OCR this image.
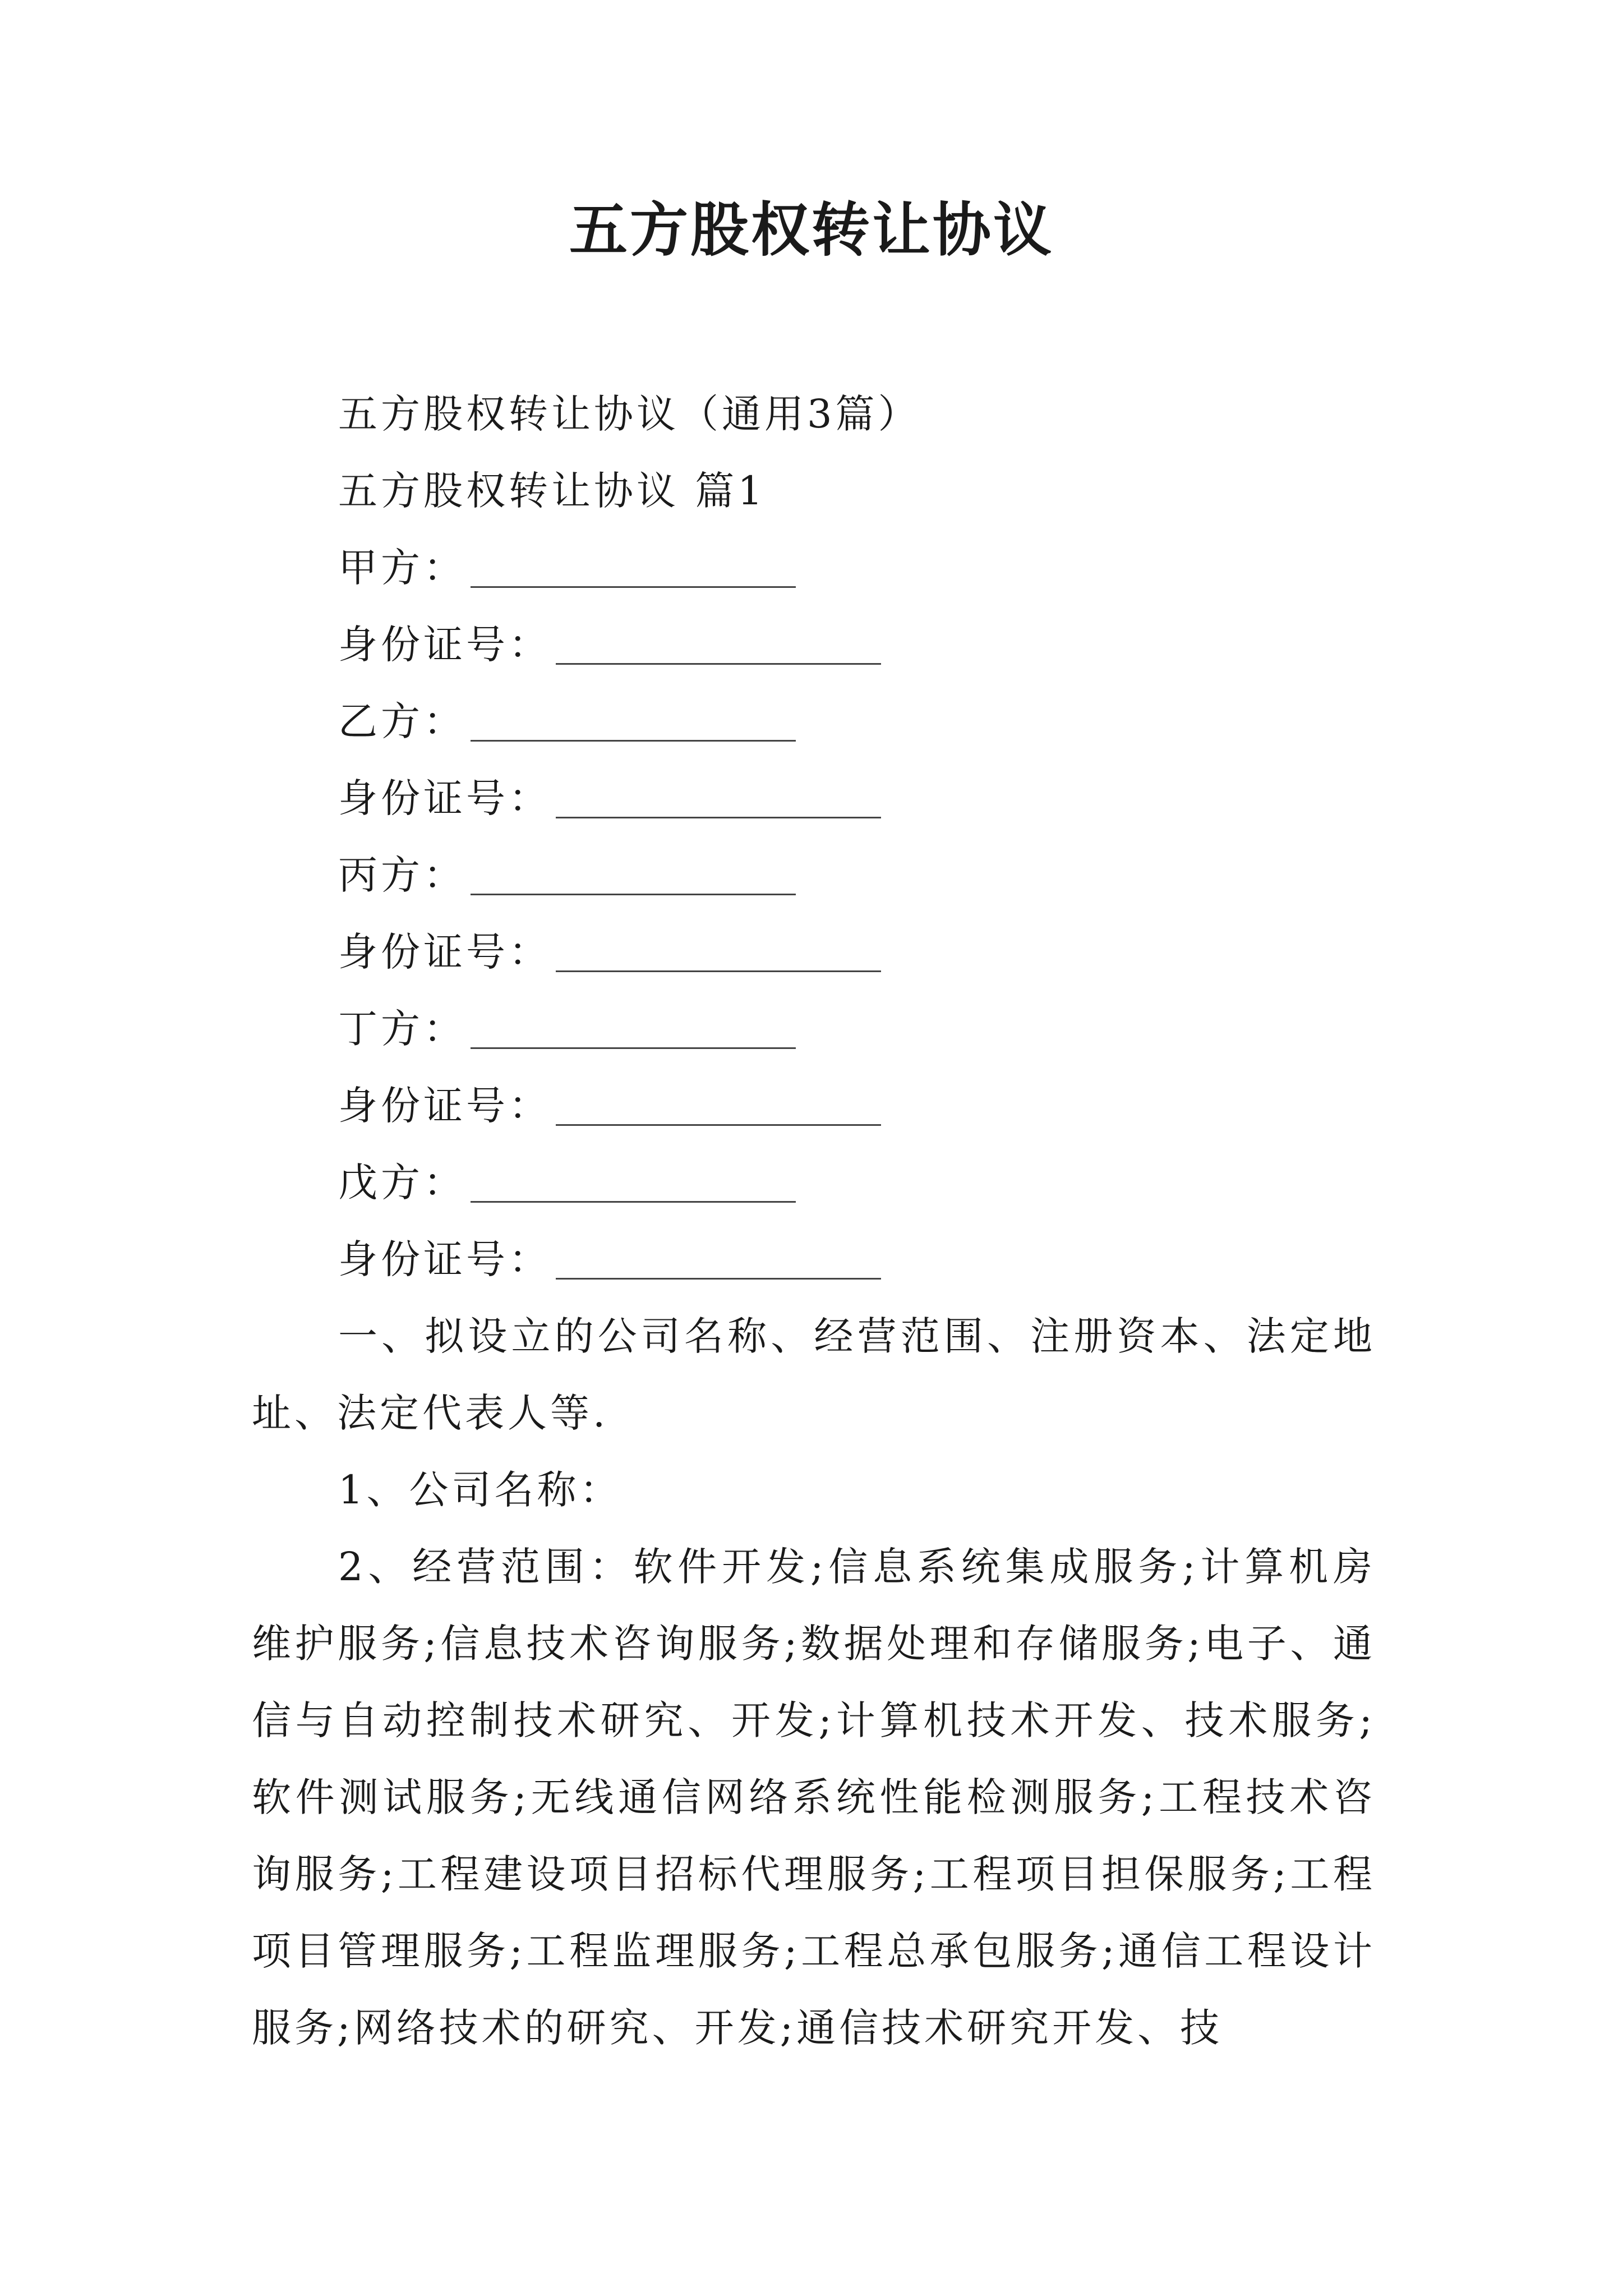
五方股权转让协议
五方股权转让协议（通用3篇）
五方股权转让协议 篇1
甲方：
身份证号：
乙方：
身份证号：
丙方：
身份证号：
丁方：
身份证号：
戊方：
身份证号：
一、拟设立的公司名称、经营范围、注册资本、法定地址、法定代表人等.
1、公司名称：
2、经营范围：软件开发;信息系统集成服务;计算机房维护服务;信息技术咨询服务;数据处理和存储服务;电子、通信与自动控制技术研究、开发;计算机技术开发、技术服务;软件测试服务;无线通信网络系统性能检测服务;工程技术咨询服务;工程建设项目招标代理服务;工程项目担保服务;工程项目管理服务;工程监理服务;工程总承包服务;通信工程设计服务;网络技术的研究、开发;通信技术研究开发、技
